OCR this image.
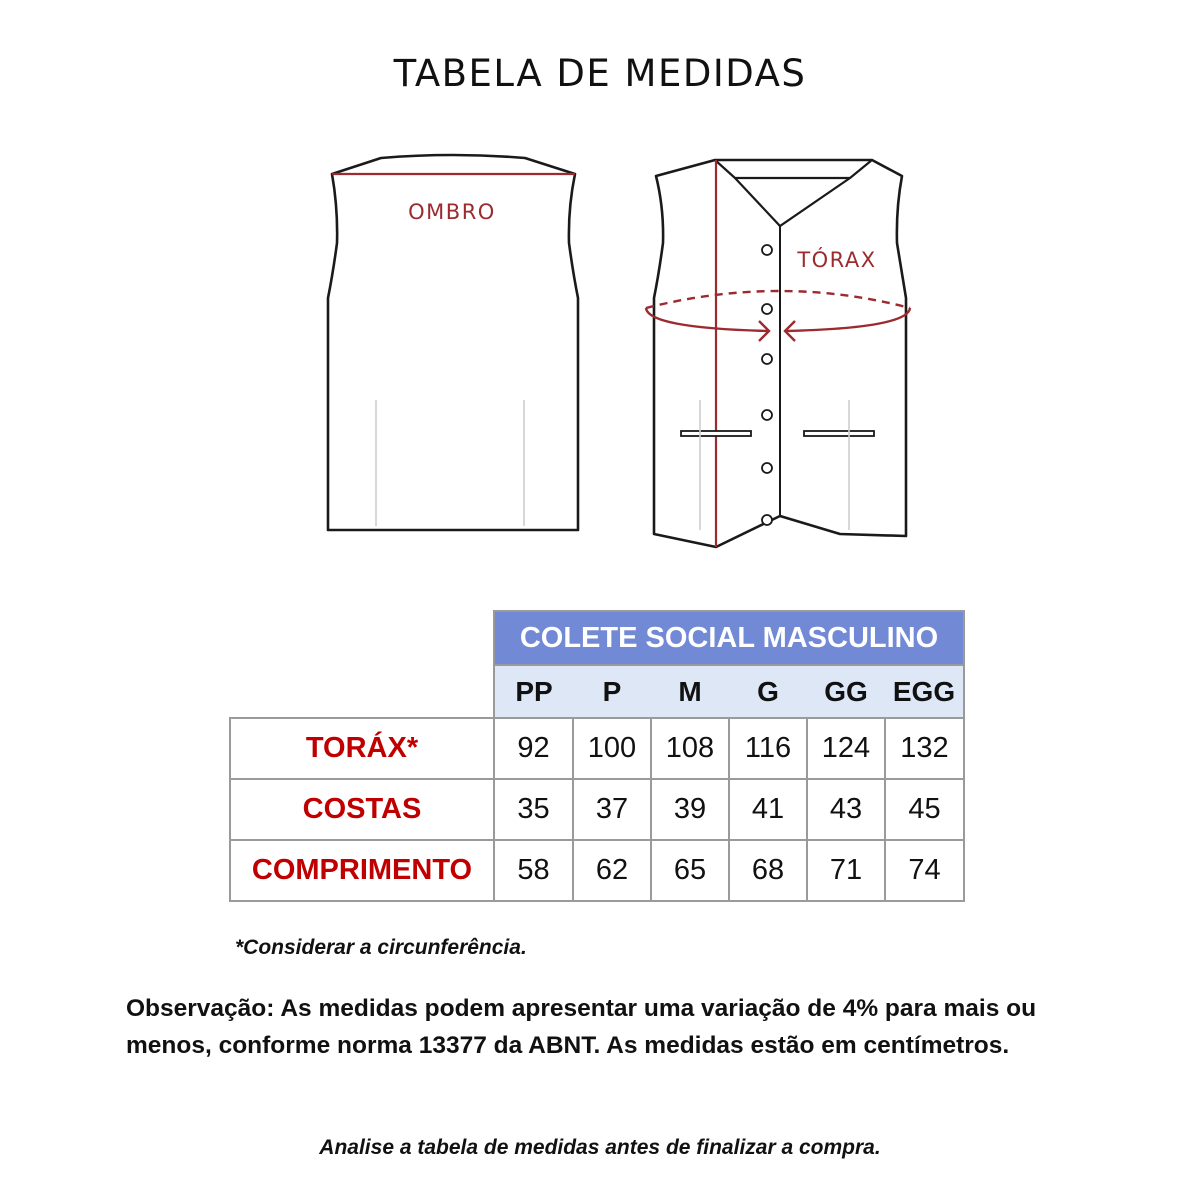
TABELA DE MEDIDAS
OMBRO
TÓRAX
	COLETE SOCIAL MASCULINO					
	PP	P	M	G	GG	EGG
TORÁX*	92	100	108	116	124	132
COSTAS	35	37	39	41	43	45
COMPRIMENTO	58	62	65	68	71	74
*Considerar a circunferência.
Observação: As medidas podem apresentar uma variação de 4% para mais ou menos, conforme norma 13377 da ABNT. As medidas estão em centímetros.
Analise a tabela de medidas antes de finalizar a compra.
